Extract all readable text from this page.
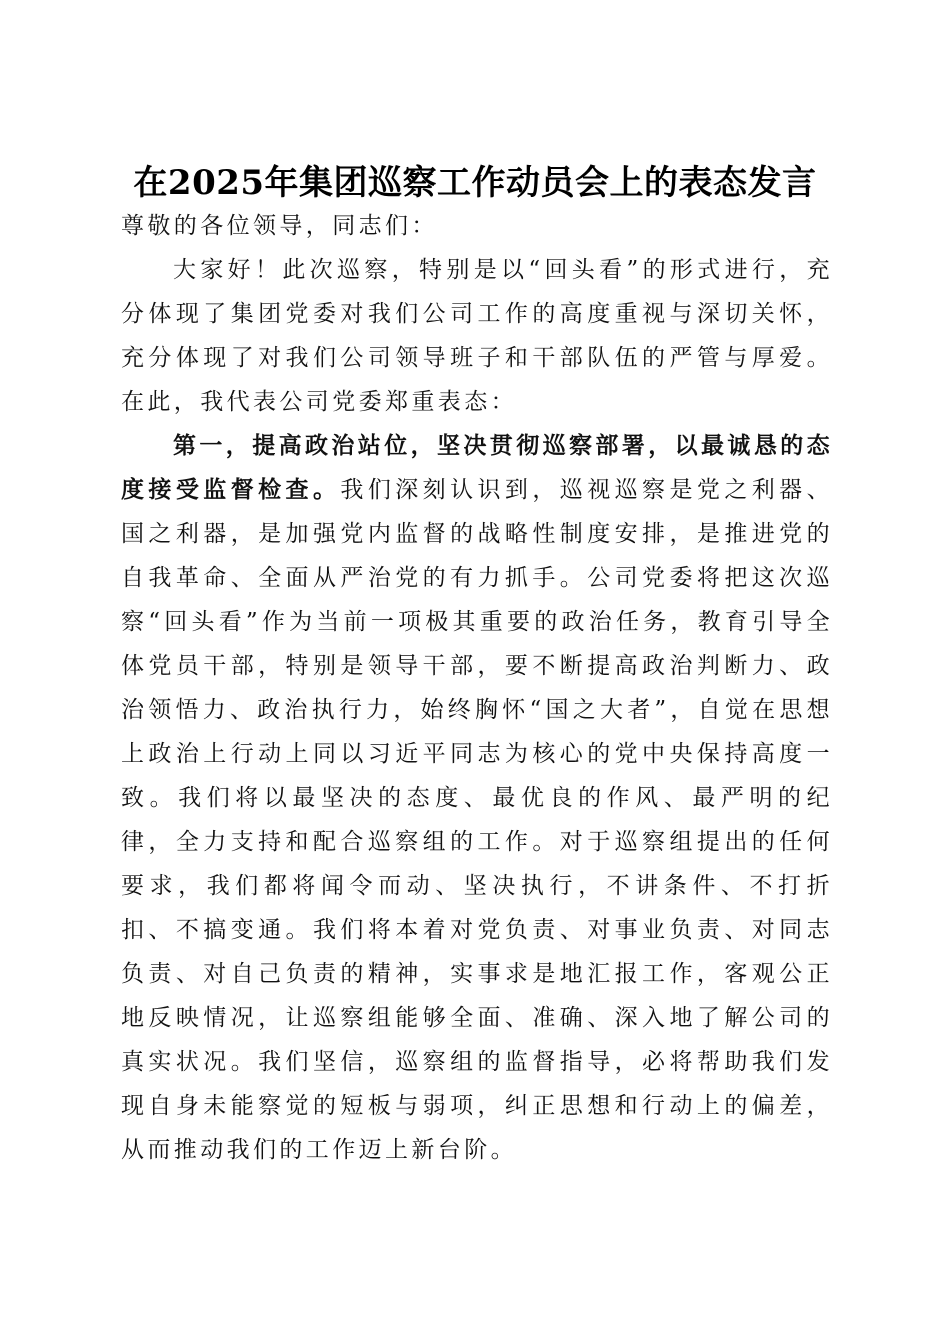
在2025年集团巡察工作动员会上的表态发言

尊敬的各位领导，同志们：

大家好！此次巡察，特别是以“回头看”的形式进行，充分体现了集团党委对我们公司工作的高度重视与深切关怀，充分体现了对我们公司领导班子和干部队伍的严管与厚爱。在此，我代表公司党委郑重表态：

第一，提高政治站位，坚决贯彻巡察部署，以最诚恳的态度接受监督检查。我们深刻认识到，巡视巡察是党之利器、国之利器，是加强党内监督的战略性制度安排，是推进党的自我革命、全面从严治党的有力抓手。公司党委将把这次巡察“回头看”作为当前一项极其重要的政治任务，教育引导全体党员干部，特别是领导干部，要不断提高政治判断力、政治领悟力、政治执行力，始终胸怀“国之大者”，自觉在思想上政治上行动上同以习近平同志为核心的党中央保持高度一致。我们将以最坚决的态度、最优良的作风、最严明的纪律，全力支持和配合巡察组的工作。对于巡察组提出的任何要求，我们都将闻令而动、坚决执行，不讲条件、不打折扣、不搞变通。我们将本着对党负责、对事业负责、对同志负责、对自己负责的精神，实事求是地汇报工作，客观公正地反映情况，让巡察组能够全面、准确、深入地了解公司的真实状况。我们坚信，巡察组的监督指导，必将帮助我们发现自身未能察觉的短板与弱项，纠正思想和行动上的偏差，从而推动我们的工作迈上新台阶。
